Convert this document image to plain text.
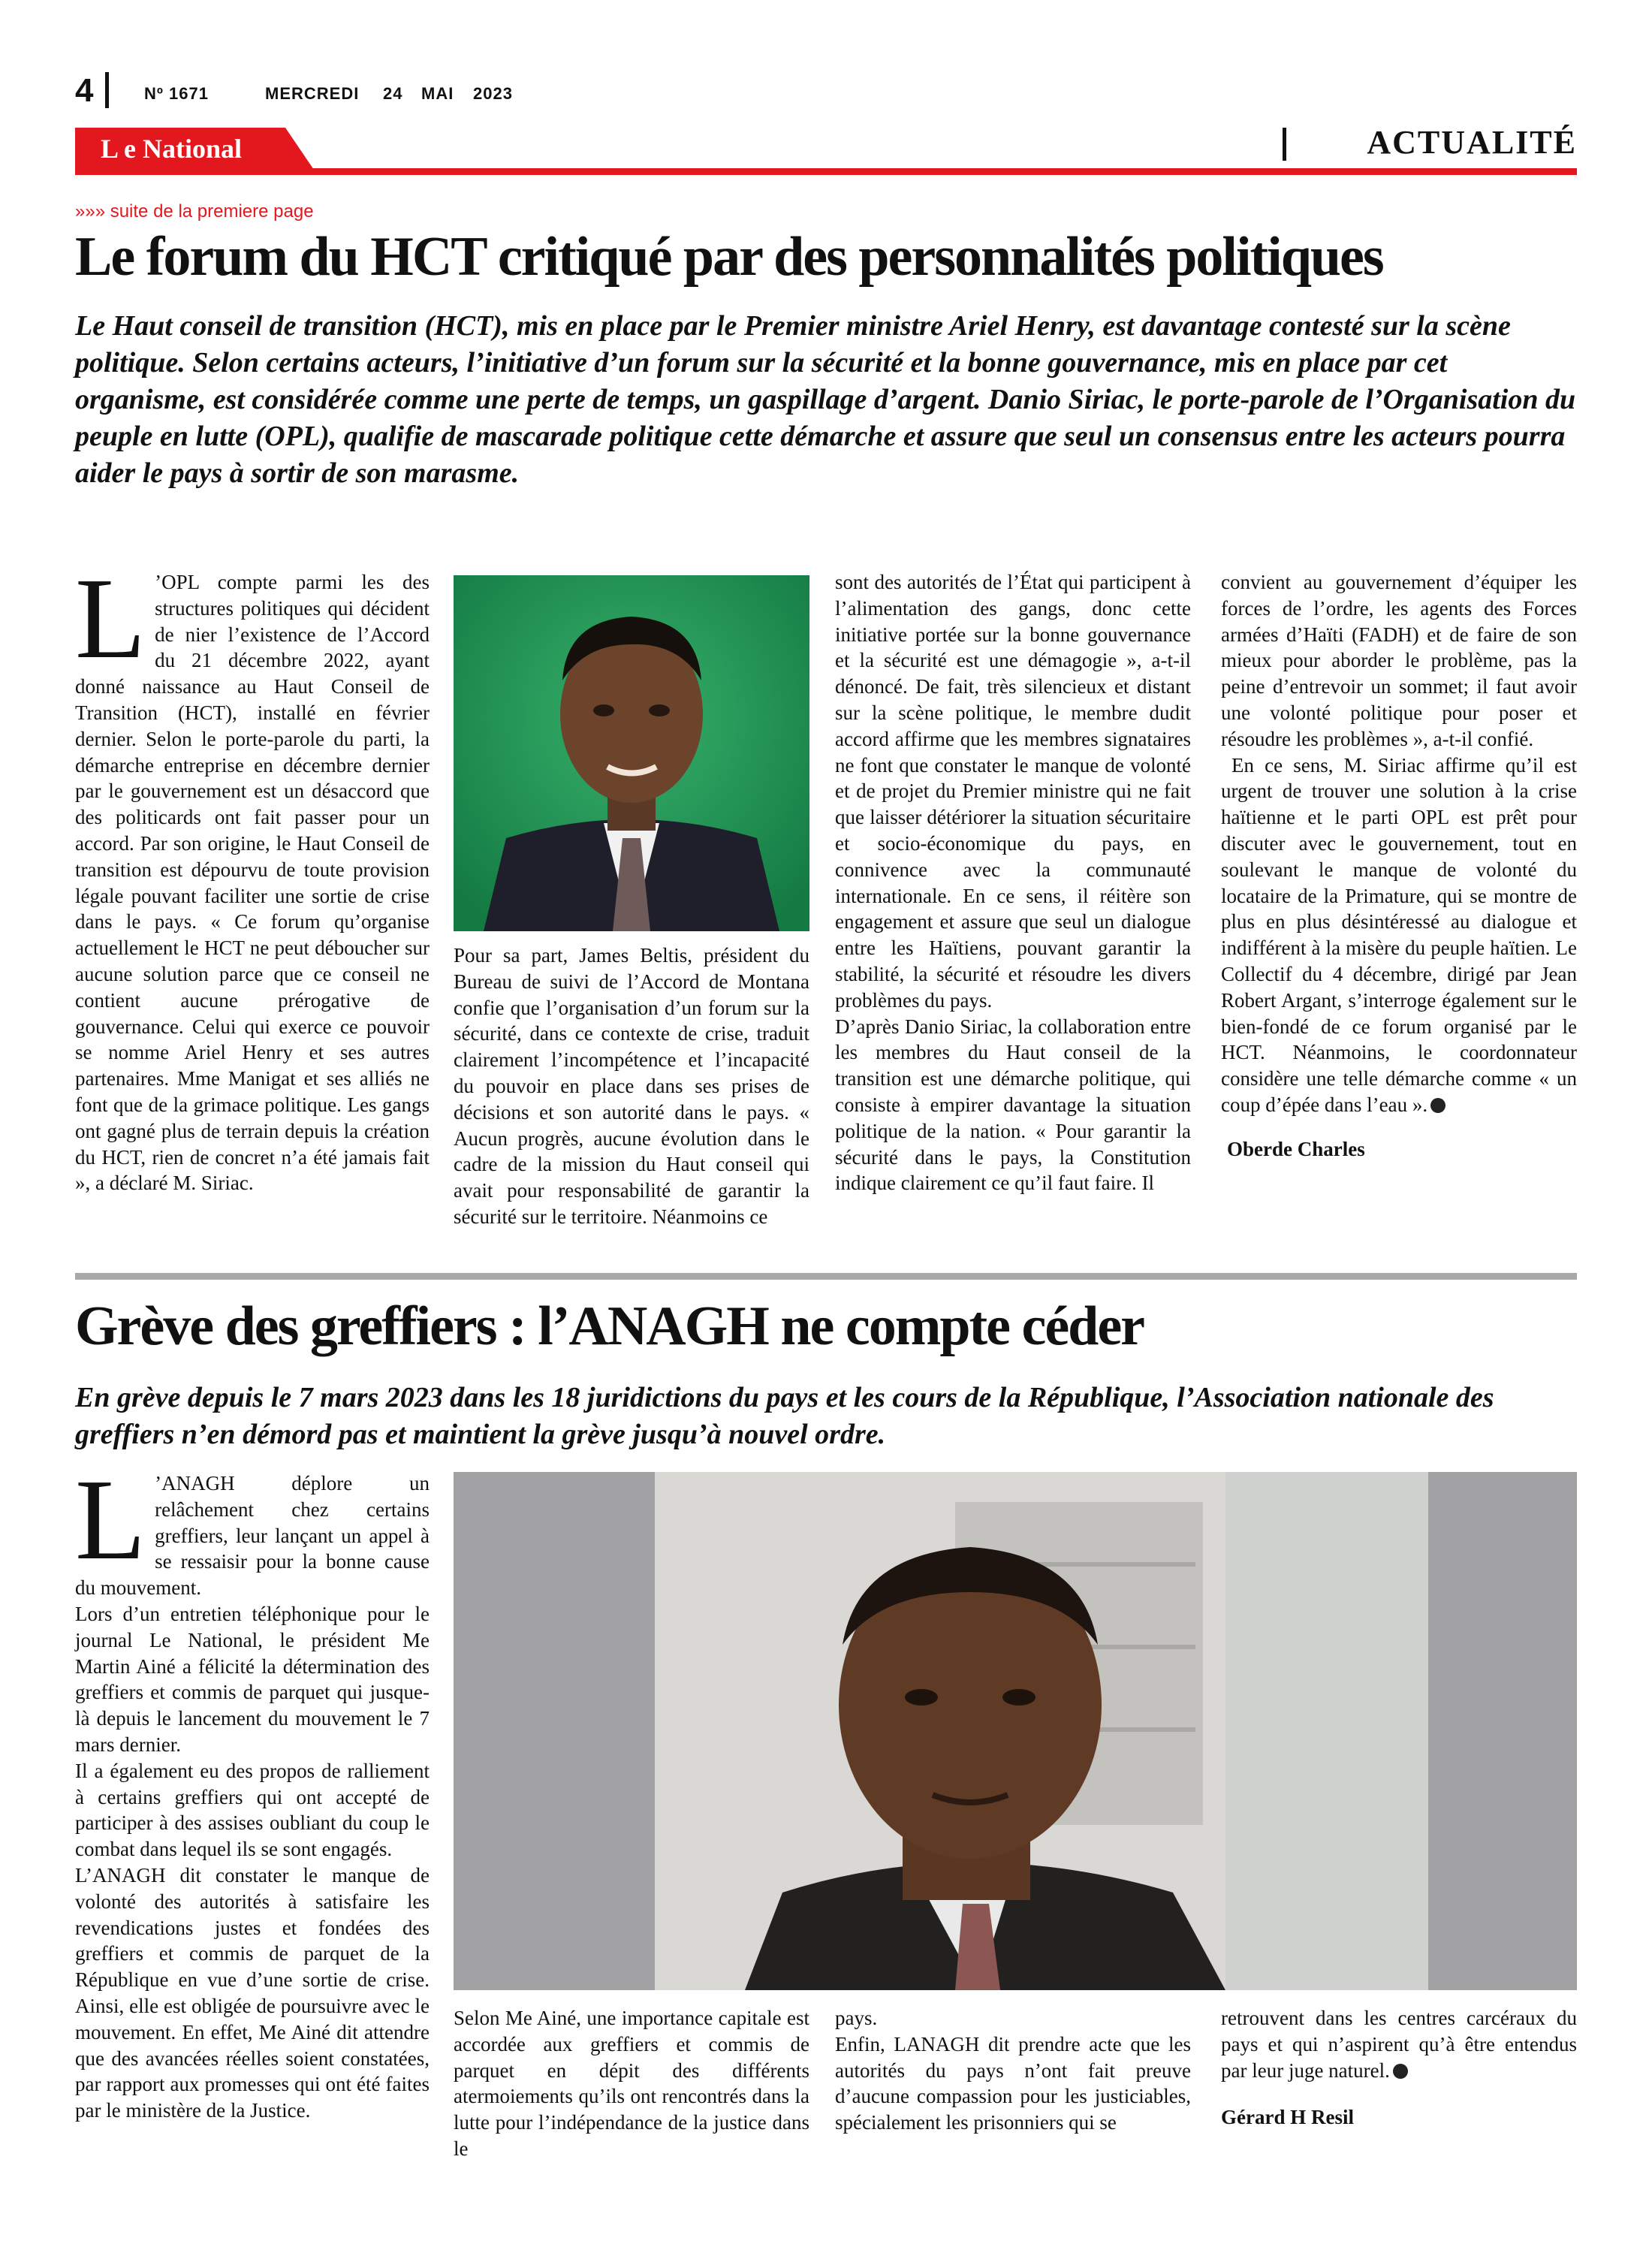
4	Nº 1671	MERCREDI 24 MAI 2023
L e National	ACTUALITÉ
»»» suite de la premiere page
Le forum du HCT critiqué par des personnalités politiques
Le Haut conseil de transition (HCT), mis en place par le Premier ministre Ariel Henry, est davantage contesté sur la scène politique. Selon certains acteurs, l’initiative d’un forum sur la sécurité et la bonne gouvernance, mis en place par cet organisme, est considérée comme une perte de temps, un gaspillage d’argent. Danio Siriac, le porte-parole de l’Organisation du peuple en lutte (OPL), qualifie de mascarade politique cette démarche et assure que seul un consensus entre les acteurs pourra aider le pays à sortir de son marasme.

L ’OPL compte parmi les des structures politiques qui décident de nier l’existence de l’Accord du 21 décembre 2022, ayant donné naissance au Haut Conseil de Transition (HCT), installé en février dernier. Selon le porte-parole du parti, la démarche entreprise en décembre dernier par le gouvernement est un désaccord que des politicards ont fait passer pour un accord. Par son origine, le Haut Conseil de transition est dépourvu de toute provision légale pouvant faciliter une sortie de crise dans le pays. « Ce forum qu’organise actuellement le HCT ne peut déboucher sur aucune solution parce que ce conseil ne contient aucune prérogative de gouvernance. Celui qui exerce ce pouvoir se nomme Ariel Henry et ses autres partenaires. Mme Manigat et ses alliés ne font que de la grimace politique. Les gangs ont gagné plus de terrain depuis la création du HCT, rien de concret n’a été jamais fait », a déclaré M. Siriac.

Pour sa part, James Beltis, président du Bureau de suivi de l’Accord de Montana confie que l’organisation d’un forum sur la sécurité, dans ce contexte de crise, traduit clairement l’incompétence et l’incapacité du pouvoir en place dans ses prises de décisions et son autorité dans le pays. « Aucun progrès, aucune évolution dans le cadre de la mission du Haut conseil qui avait pour responsabilité de garantir la sécurité sur le territoire. Néanmoins ce

sont des autorités de l’État qui participent à l’alimentation des gangs, donc cette initiative portée sur la bonne gouvernance et la sécurité est une démagogie », a-t-il dénoncé. De fait, très silencieux et distant sur la scène politique, le membre dudit accord affirme que les membres signataires ne font que constater le manque de volonté et de projet du Premier ministre qui ne fait que laisser détériorer la situation sécuritaire et socio-économique du pays, en connivence avec la communauté internationale. En ce sens, il réitère son engagement et assure que seul un dialogue entre les Haïtiens, pouvant garantir la stabilité, la sécurité et résoudre les divers problèmes du pays.

D’après Danio Siriac, la collaboration entre les membres du Haut conseil de la transition est une démarche politique, qui consiste à empirer davantage la situation politique de la nation. « Pour garantir la sécurité dans le pays, la Constitution indique clairement ce qu’il faut faire. Il

convient au gouvernement d’équiper les forces de l’ordre, les agents des Forces armées d’Haïti (FADH) et de faire de son mieux pour aborder le problème, pas la peine d’entrevoir un sommet; il faut avoir une volonté politique pour poser et résoudre les problèmes », a-t-il confié.

En ce sens, M. Siriac affirme qu’il est urgent de trouver une solution à la crise haïtienne et le parti OPL est prêt pour discuter avec le gouvernement, tout en soulevant le manque de volonté du locataire de la Primature, qui se montre de plus en plus désintéressé au dialogue et indifférent à la misère du peuple haïtien. Le Collectif du 4 décembre, dirigé par Jean Robert Argant, s’interroge également sur le bien-fondé de ce forum organisé par le HCT. Néanmoins, le coordonnateur considère une telle démarche comme « un coup d’épée dans l’eau ».

Oberde Charles

Grève des greffiers : l’ANAGH ne compte céder
En grève depuis le 7 mars 2023 dans les 18 juridictions du pays et les cours de la République, l’Association nationale des greffiers n’en démord pas et maintient la grève jusqu’à nouvel ordre.

L ’ANAGH déplore un relâchement chez certains greffiers, leur lançant un appel à se ressaisir pour la bonne cause du mouvement.

Lors d’un entretien téléphonique pour le journal Le National, le président Me Martin Ainé a félicité la détermination des greffiers et commis de parquet qui jusque-là depuis le lancement du mouvement le 7 mars dernier.

Il a également eu des propos de ralliement à certains greffiers qui ont accepté de participer à des assises oubliant du coup le combat dans lequel ils se sont engagés.

L’ANAGH dit constater le manque de volonté des autorités à satisfaire les revendications justes et fondées des greffiers et commis de parquet de la République en vue d’une sortie de crise. Ainsi, elle est obligée de poursuivre avec le mouvement. En effet, Me Ainé dit attendre que des avancées réelles soient constatées, par rapport aux promesses qui ont été faites par le ministère de la Justice.

Selon Me Ainé, une importance capitale est accordée aux greffiers et commis de parquet en dépit des différents atermoiements qu’ils ont rencontrés dans la lutte pour l’indépendance de la justice dans le

pays.

Enfin, LANAGH dit prendre acte que les autorités du pays n’ont fait preuve d’aucune compassion pour les justiciables, spécialement les prisonniers qui se

retrouvent dans les centres carcéraux du pays et qui n’aspirent qu’à être entendus par leur juge naturel.

Gérard H Resil
